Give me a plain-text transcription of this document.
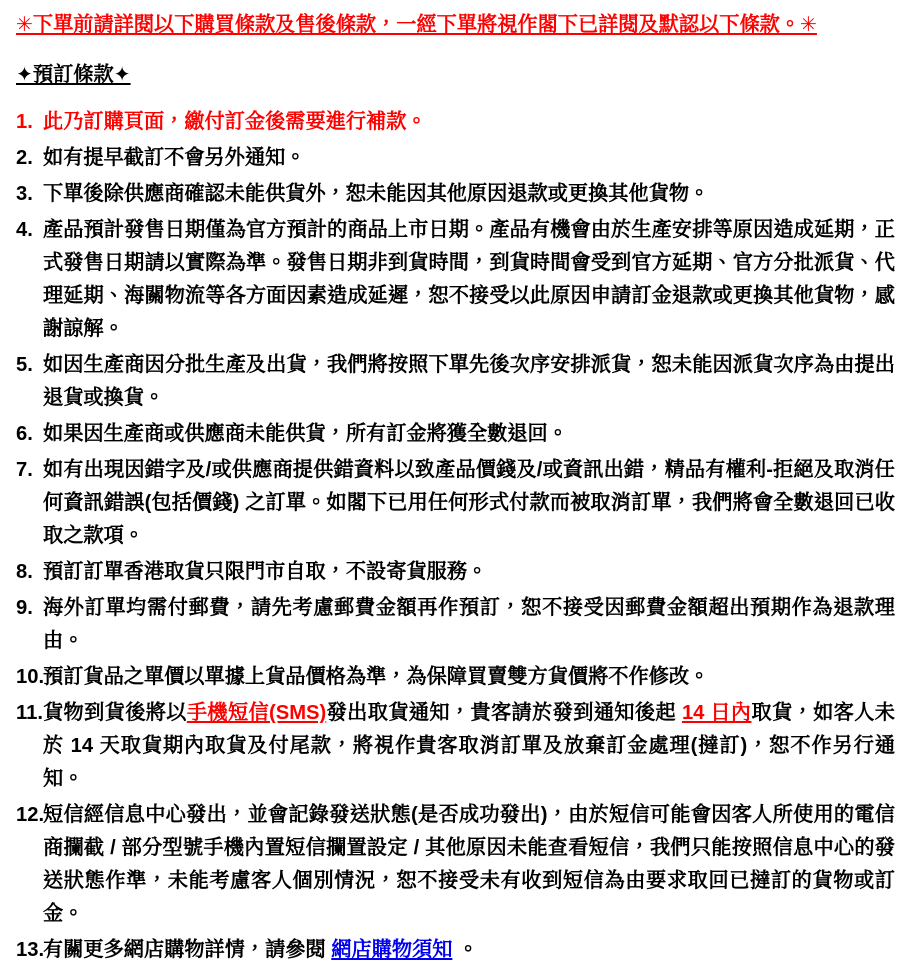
✳下單前請詳閱以下購買條款及售後條款，一經下單將視作閣下已詳閱及默認以下條款。✳

✦預訂條款✦
1. 此乃訂購頁面，繳付訂金後需要進行補款。
2. 如有提早截訂不會另外通知。
3. 下單後除供應商確認未能供貨外，恕未能因其他原因退款或更換其他貨物。
4. 產品預計發售日期僅為官方預計的商品上市日期。產品有機會由於生產安排等原因造成延期，正式發售日期請以實際為準。發售日期非到貨時間，到貨時間會受到官方延期、官方分批派貨、代理延期、海關物流等各方面因素造成延遲，恕不接受以此原因申請訂金退款或更換其他貨物，感謝諒解。
5. 如因生產商因分批生產及出貨，我們將按照下單先後次序安排派貨，恕未能因派貨次序為由提出退貨或換貨。
6. 如果因生產商或供應商未能供貨，所有訂金將獲全數退回。
7. 如有出現因錯字及/或供應商提供錯資料以致產品價錢及/或資訊出錯，精品有權利-拒絕及取消任何資訊錯誤(包括價錢) 之訂單。如閣下已用任何形式付款而被取消訂單，我們將會全數退回已收取之款項。
8. 預訂訂單香港取貨只限門市自取，不設寄貨服務。
9. 海外訂單均需付郵費，請先考慮郵費金額再作預訂，恕不接受因郵費金額超出預期作為退款理由。
10.
預訂貨品之單價以單據上貨品價格為準，為保障買賣雙方貨價將不作修改。
11. 貨物到貨後將以手機短信(SMS)發出取貨通知，貴客請於發到通知後起 14 日內取貨，如客人未於 14 天取貨期內取貨及付尾款，將視作貴客取消訂單及放棄訂金處理(撻訂)，恕不作另行通知。
12.
短信經信息中心發出，並會記錄發送狀態(是否成功發出)，由於短信可能會因客人所使用的電信商攔截 / 部分型號手機內置短信攔置設定 / 其他原因未能查看短信，我們只能按照信息中心的發送狀態作準，未能考慮客人個別情況，恕不接受未有收到短信為由要求取回已撻訂的貨物或訂金。
13.
有關更多網店購物詳情，請參閱 網店購物須知 。
